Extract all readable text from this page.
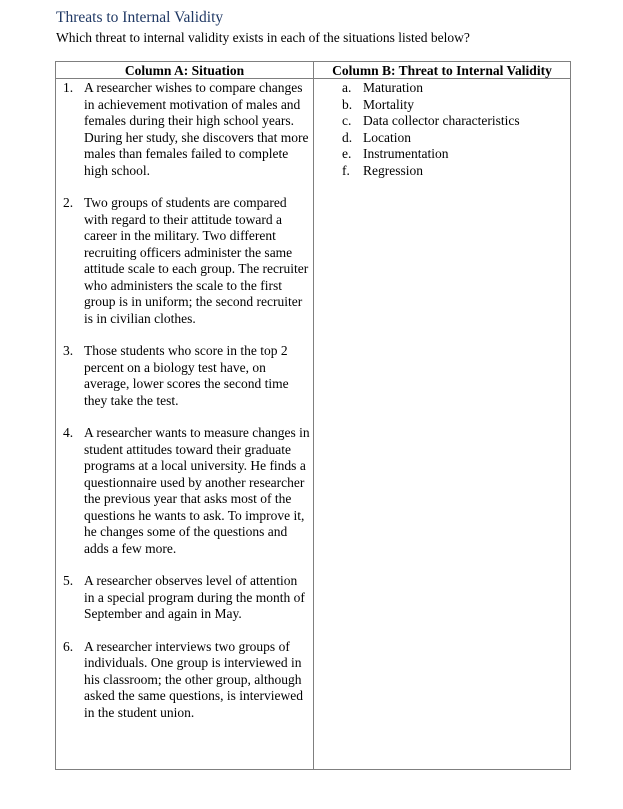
Threats to Internal Validity
Which threat to internal validity exists in each of the situations listed below?
Column A: Situation	Column B: Threat to Internal Validity
1. A researcher wishes to compare changes in achievement motivation of males and females during their high school years. During her study, she discovers that more males than females failed to complete high school.
2. Two groups of students are compared with regard to their attitude toward a career in the military. Two different recruiting officers administer the same attitude scale to each group. The recruiter who administers the scale to the first group is in uniform; the second recruiter is in civilian clothes.
3. Those students who score in the top 2 percent on a biology test have, on average, lower scores the second time they take the test.
4. A researcher wants to measure changes in student attitudes toward their graduate programs at a local university. He finds a questionnaire used by another researcher the previous year that asks most of the questions he wants to ask. To improve it, he changes some of the questions and adds a few more.
5. A researcher observes level of attention in a special program during the month of September and again in May.
6. A researcher interviews two groups of individuals. One group is interviewed in his classroom; the other group, although asked the same questions, is interviewed in the student union.
a. Maturation
b. Mortality
c. Data collector characteristics
d. Location
e. Instrumentation
f. Regression
